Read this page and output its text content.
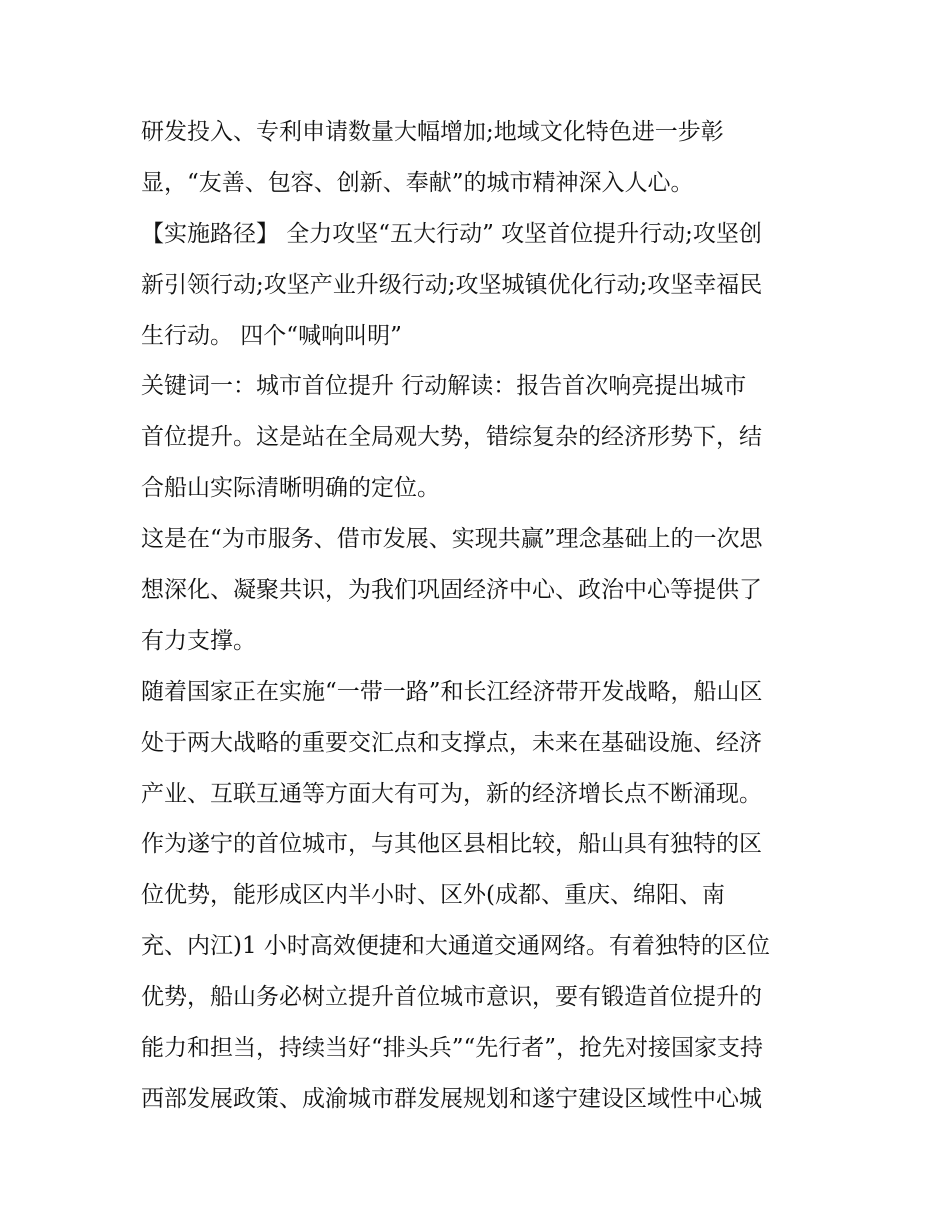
研发投入、专利申请数量大幅增加;地域文化特色进一步彰
显，“友善、包容、创新、奉献”的城市精神深入人心。
【实施路径】 全力攻坚“五大行动” 攻坚首位提升行动;攻坚创
新引领行动;攻坚产业升级行动;攻坚城镇优化行动;攻坚幸福民
生行动。 四个“喊响叫明”
关键词一：城市首位提升 行动解读：报告首次响亮提出城市
首位提升。这是站在全局观大势，错综复杂的经济形势下，结
合船山实际清晰明确的定位。
这是在“为市服务、借市发展、实现共赢”理念基础上的一次思
想深化、凝聚共识，为我们巩固经济中心、政治中心等提供了
有力支撑。
随着国家正在实施“一带一路”和长江经济带开发战略，船山区
处于两大战略的重要交汇点和支撑点，未来在基础设施、经济
产业、互联互通等方面大有可为，新的经济增长点不断涌现。
作为遂宁的首位城市，与其他区县相比较，船山具有独特的区
位优势，能形成区内半小时、区外(成都、重庆、绵阳、南
充、内江)1 小时高效便捷和大通道交通网络。有着独特的区位
优势，船山务必树立提升首位城市意识，要有锻造首位提升的
能力和担当，持续当好“排头兵”“先行者”，抢先对接国家支持
西部发展政策、成渝城市群发展规划和遂宁建设区域性中心城
